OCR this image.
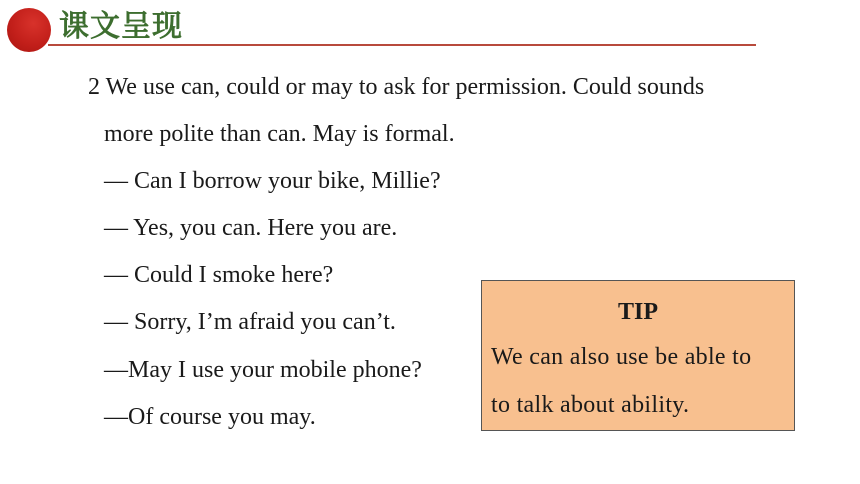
课文呈现
2 We use can, could or may to ask for permission. Could sounds
more polite than can. May is formal.
— Can I borrow your bike, Millie?
— Yes, you can. Here you are.
— Could I smoke here?
— Sorry, I’m afraid you can’t.
—May I use your mobile phone?
—Of course you may.
TIP
We can also use be able to
to talk about ability.
